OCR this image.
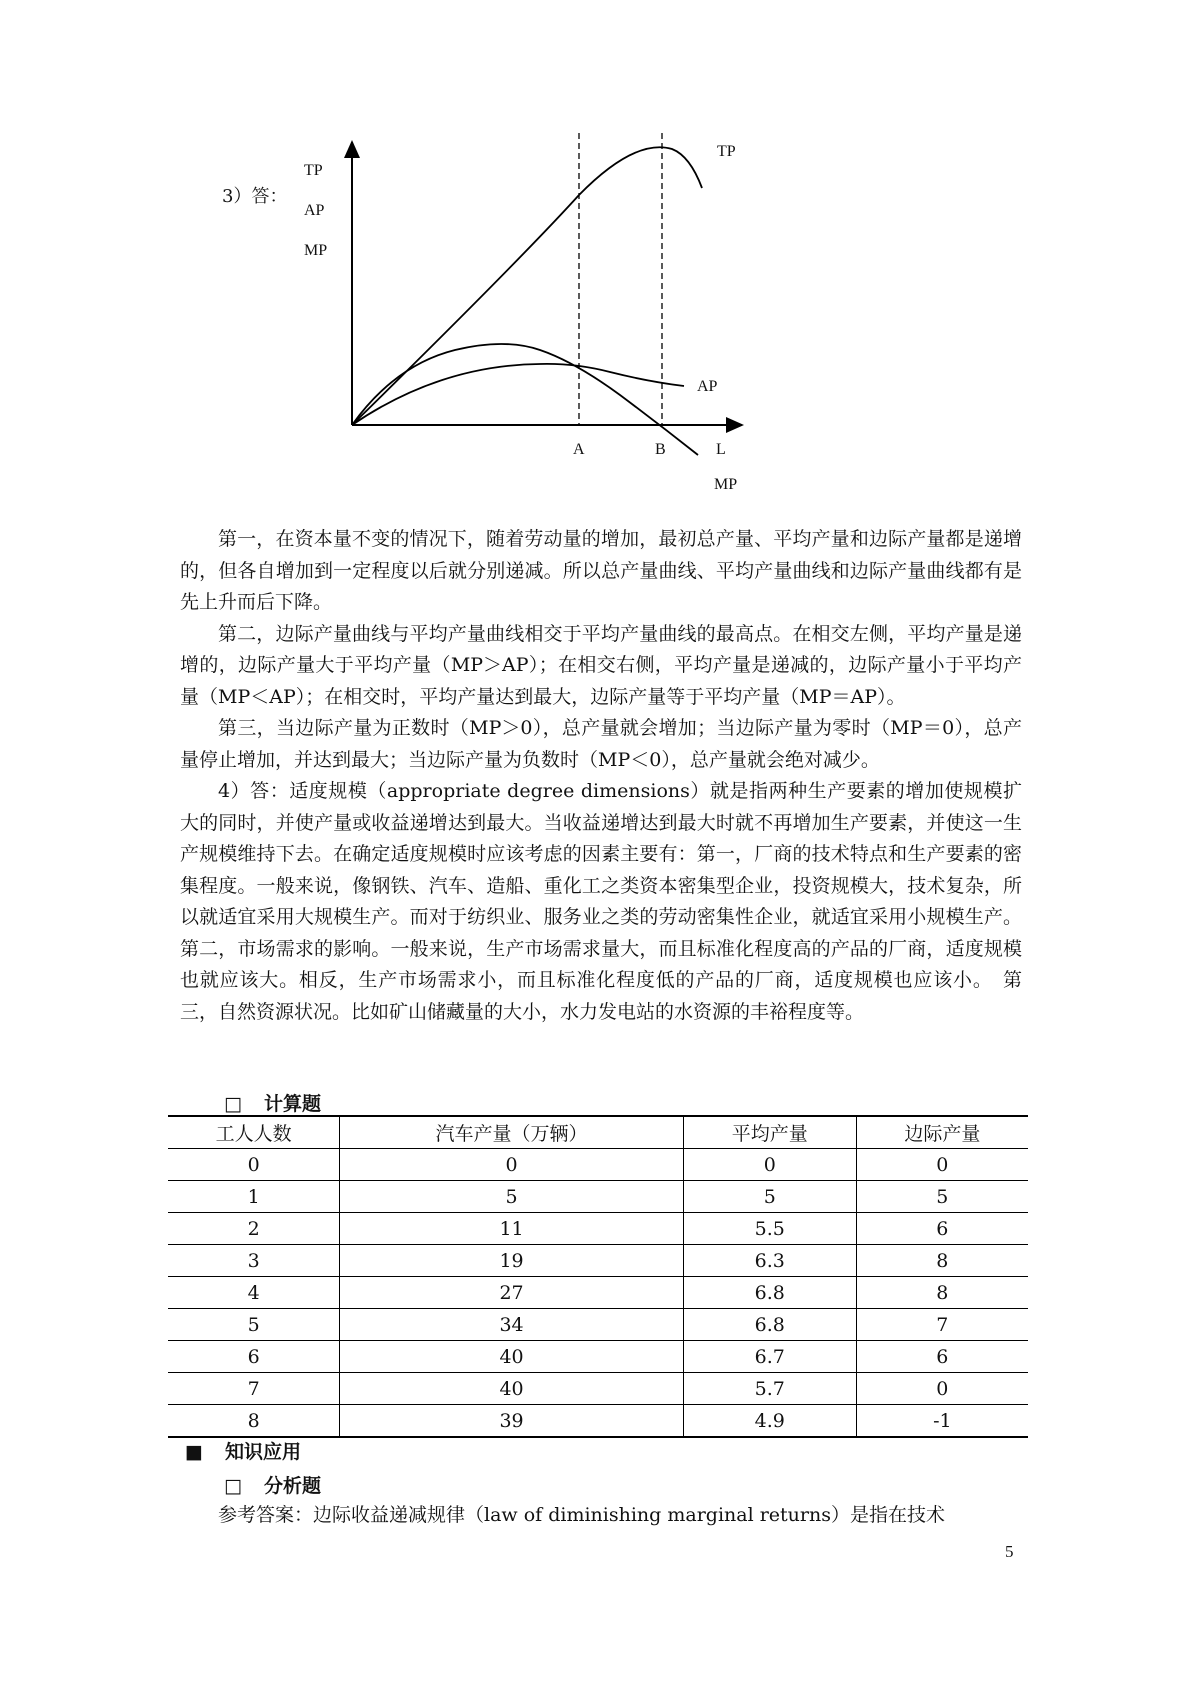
3）答：
TP
AP
MP
TP
AP
MP
A	B	L

第一，在资本量不变的情况下，随着劳动量的增加，最初总产量、平均产量和边际产量都是递增的，但各自增加到一定程度以后就分别递减。所以总产量曲线、平均产量曲线和边际产量曲线都有是先上升而后下降。

第二，边际产量曲线与平均产量曲线相交于平均产量曲线的最高点。在相交左侧，平均产量是递增的，边际产量大于平均产量（MP＞AP）；在相交右侧，平均产量是递减的，边际产量小于平均产量（MP＜AP）；在相交时，平均产量达到最大，边际产量等于平均产量（MP＝AP）。

第三，当边际产量为正数时（MP＞0），总产量就会增加；当边际产量为零时（MP＝0），总产量停止增加，并达到最大；当边际产量为负数时（MP＜0），总产量就会绝对减少。

4）答：适度规模（appropriate degree dimensions）就是指两种生产要素的增加使规模扩大的同时，并使产量或收益递增达到最大。当收益递增达到最大时就不再增加生产要素，并使这一生产规模维持下去。在确定适度规模时应该考虑的因素主要有：第一，厂商的技术特点和生产要素的密集程度。一般来说，像钢铁、汽车、造船、重化工之类资本密集型企业，投资规模大，技术复杂，所以就适宜采用大规模生产。而对于纺织业、服务业之类的劳动密集性企业，就适宜采用小规模生产。第二，市场需求的影响。一般来说，生产市场需求量大，而且标准化程度高的产品的厂商，适度规模也就应该大。相反，生产市场需求小，而且标准化程度低的产品的厂商，适度规模也应该小。　第三，自然资源状况。比如矿山储藏量的大小，水力发电站的水资源的丰裕程度等。

□ 计算题
工人人数	汽车产量（万辆）	平均产量	边际产量
0	0	0	0
1	5	5	5
2	11	5.5	6
3	19	6.3	8
4	27	6.8	8
5	34	6.8	7
6	40	6.7	6
7	40	5.7	0
8	39	4.9	-1
■ 知识应用
□ 分析题

参考答案：边际收益递减规律（law of diminishing marginal returns）是指在技术

5
